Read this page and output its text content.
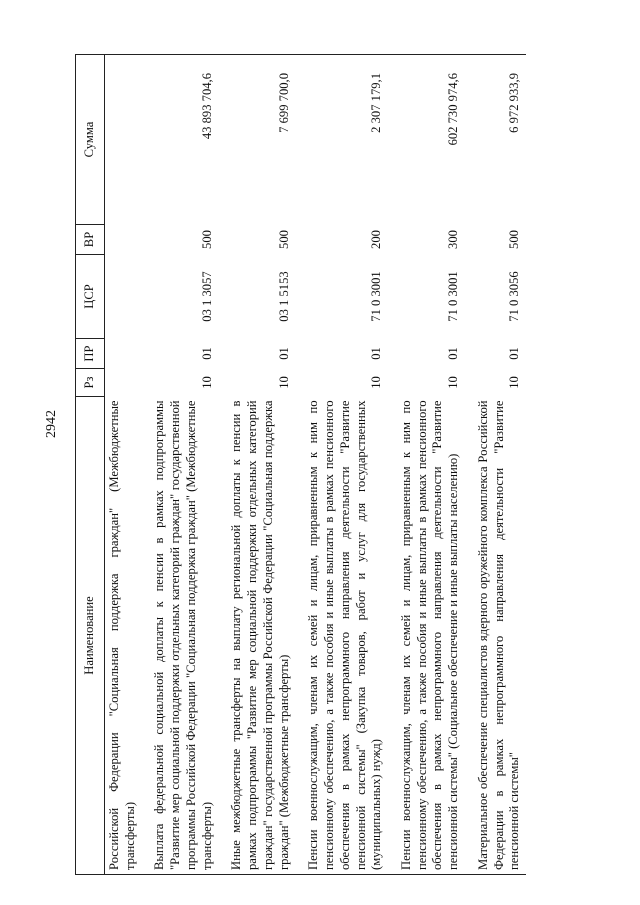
2942
Наименование	Рз	ПР	ЦСР	ВР	Сумма
Российской Федерации "Социальная поддержка граждан" (Межбюджетные трансферты)					

Выплата федеральной социальной доплаты к пенсии в рамках подпрограммы "Развитие мер социальной поддержки отдельных категорий граждан" государственной программы Российской Федерации "Социальная поддержка граждан" (Межбюджетные трансферты)	10	01	03 1 3057	500	43 893 704,6

Иные межбюджетные трансферты на выплату региональной доплаты к пенсии в рамках подпрограммы "Развитие мер социальной поддержки отдельных категорий граждан" государственной программы Российской Федерации "Социальная поддержка граждан" (Межбюджетные трансферты)	10	01	03 1 5153	500	7 699 700,0

Пенсии военнослужащим, членам их семей и лицам, приравненным к ним по пенсионному обеспечению, а также пособия и иные выплаты в рамках пенсионного обеспечения в рамках непрограммного направления деятельности "Развитие пенсионной системы" (Закупка товаров, работ и услуг для государственных (муниципальных) нужд)	10	01	71 0 3001	200	2 307 179,1

Пенсии военнослужащим, членам их семей и лицам, приравненным к ним по пенсионному обеспечению, а также пособия и иные выплаты в рамках пенсионного обеспечения в рамках непрограммного направления деятельности "Развитие пенсионной системы" (Социальное обеспечение и иные выплаты населению)	10	01	71 0 3001	300	602 730 974,6

Материальное обеспечение специалистов ядерного оружейного комплекса Российской Федерации в рамках непрограммного направления деятельности "Развитие пенсионной системы"	10	01	71 0 3056	500	6 972 933,9
